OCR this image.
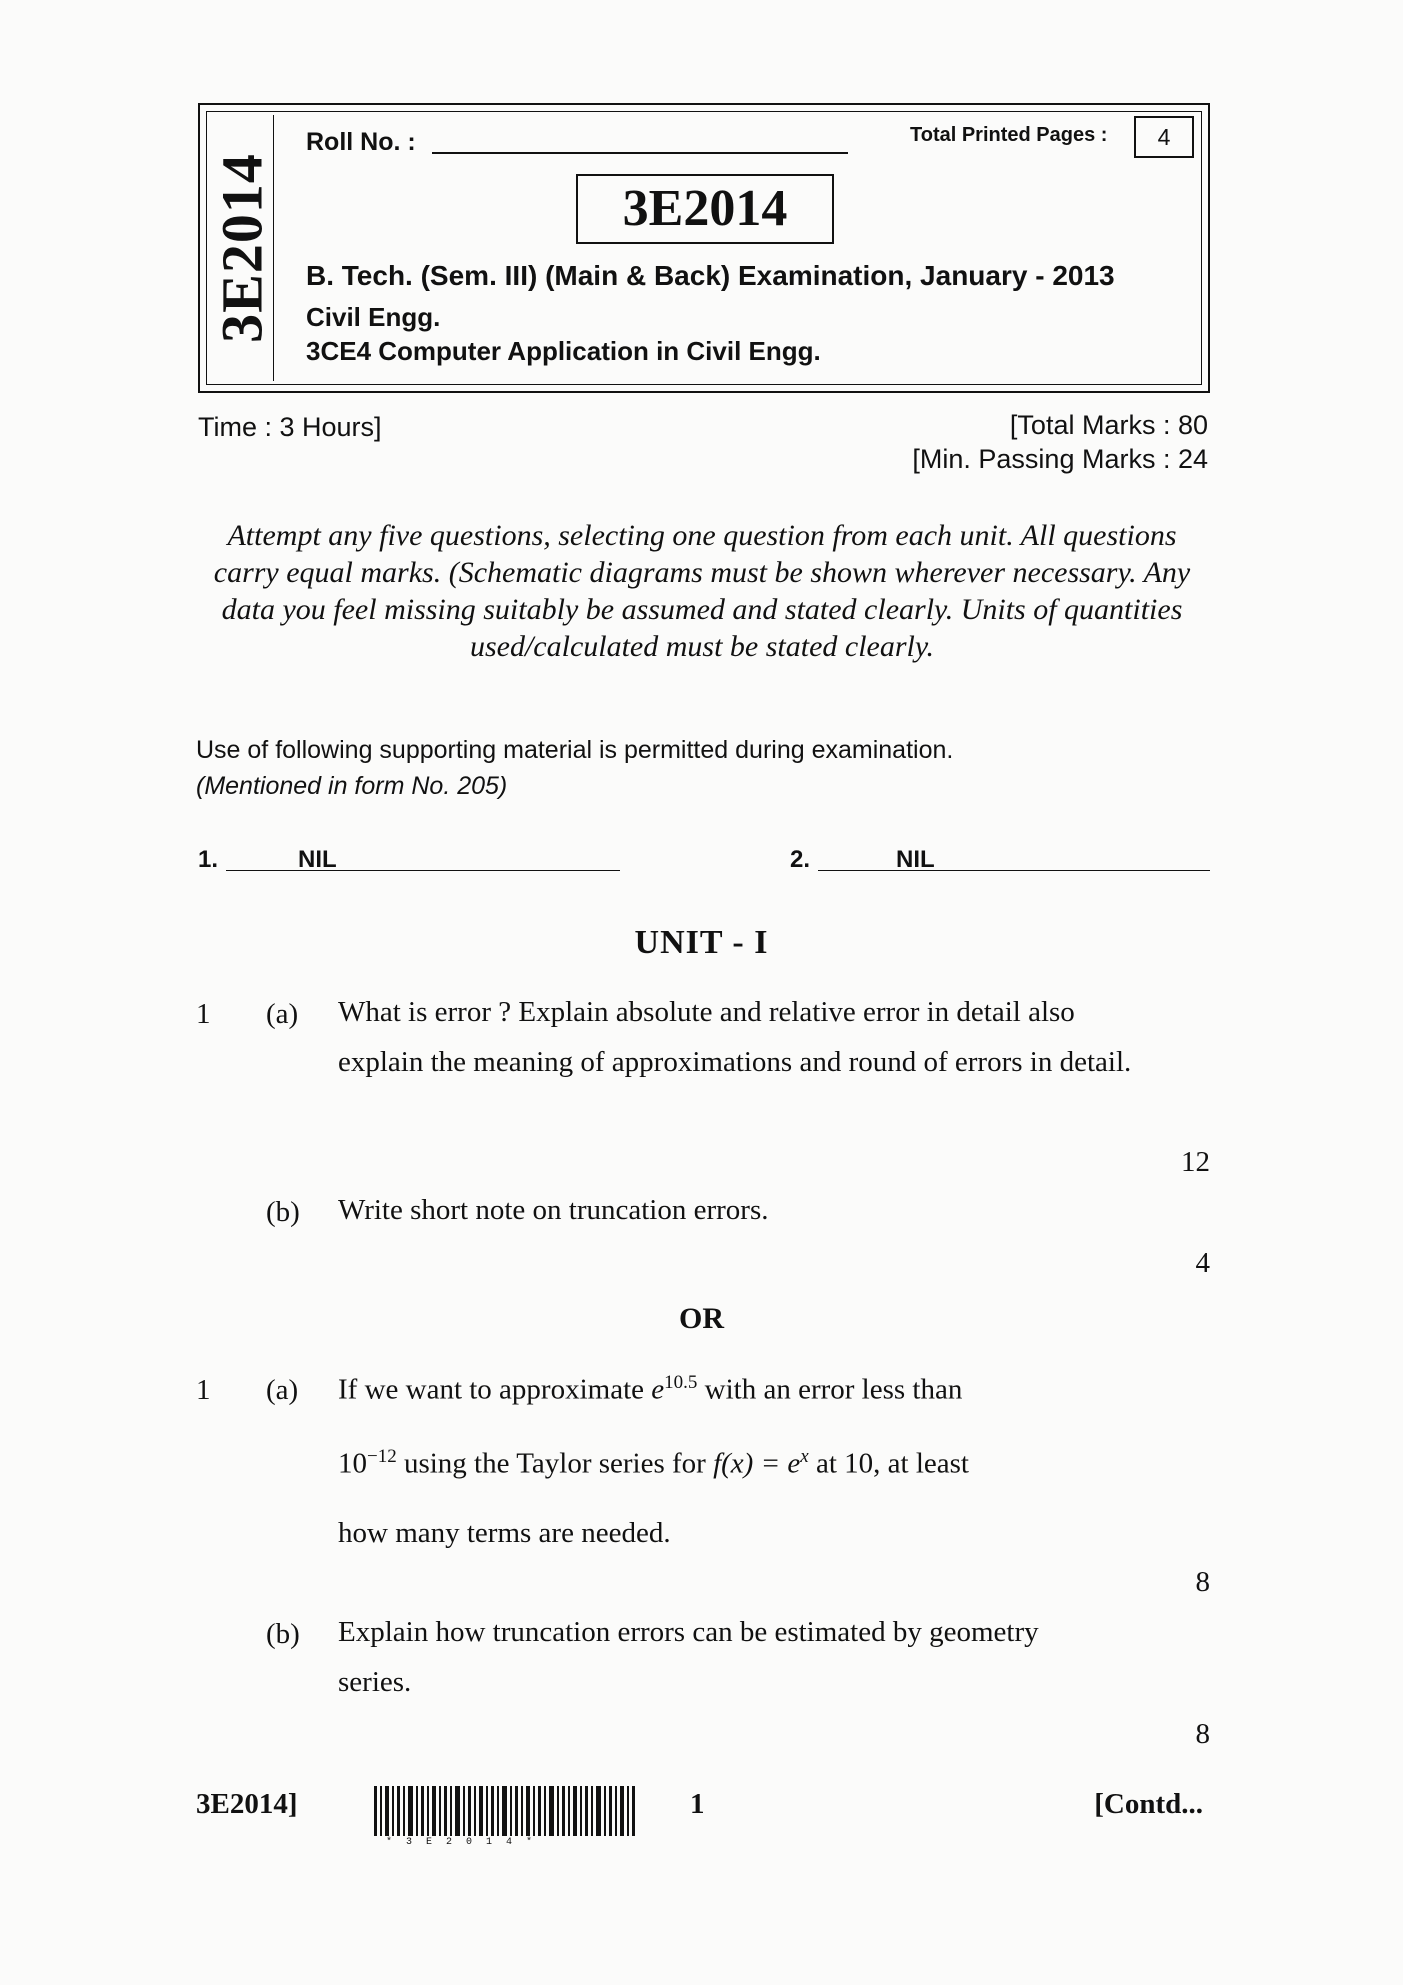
3E2014
Roll No. :	Total Printed Pages :	4
3E2014
B. Tech. (Sem. III) (Main & Back) Examination, January - 2013
Civil Engg.
3CE4 Computer Application in Civil Engg.
Time : 3 Hours]	[Total Marks : 80
[Min. Passing Marks : 24
Attempt any five questions, selecting one question from each unit. All questions carry equal marks. (Schematic diagrams must be shown wherever necessary. Any data you feel missing suitably be assumed and stated clearly. Units of quantities used/calculated must be stated clearly.
Use of following supporting material is permitted during examination.
(Mentioned in form No. 205)
1.	NIL	2.	NIL
UNIT - I
1 (a) What is error ? Explain absolute and relative error in detail also explain the meaning of approximations and round of errors in detail.
12
(b) Write short note on truncation errors.
4
OR
1 (a) If we want to approximate $e^{10.5}$ with an error less than
$10^{-12}$ using the Taylor series for $f(x) = e^x$ at 10, at least
how many terms are needed.
8
(b) Explain how truncation errors can be estimated by geometry series.
8
3E2014]
*3E2014*
1	[Contd...
